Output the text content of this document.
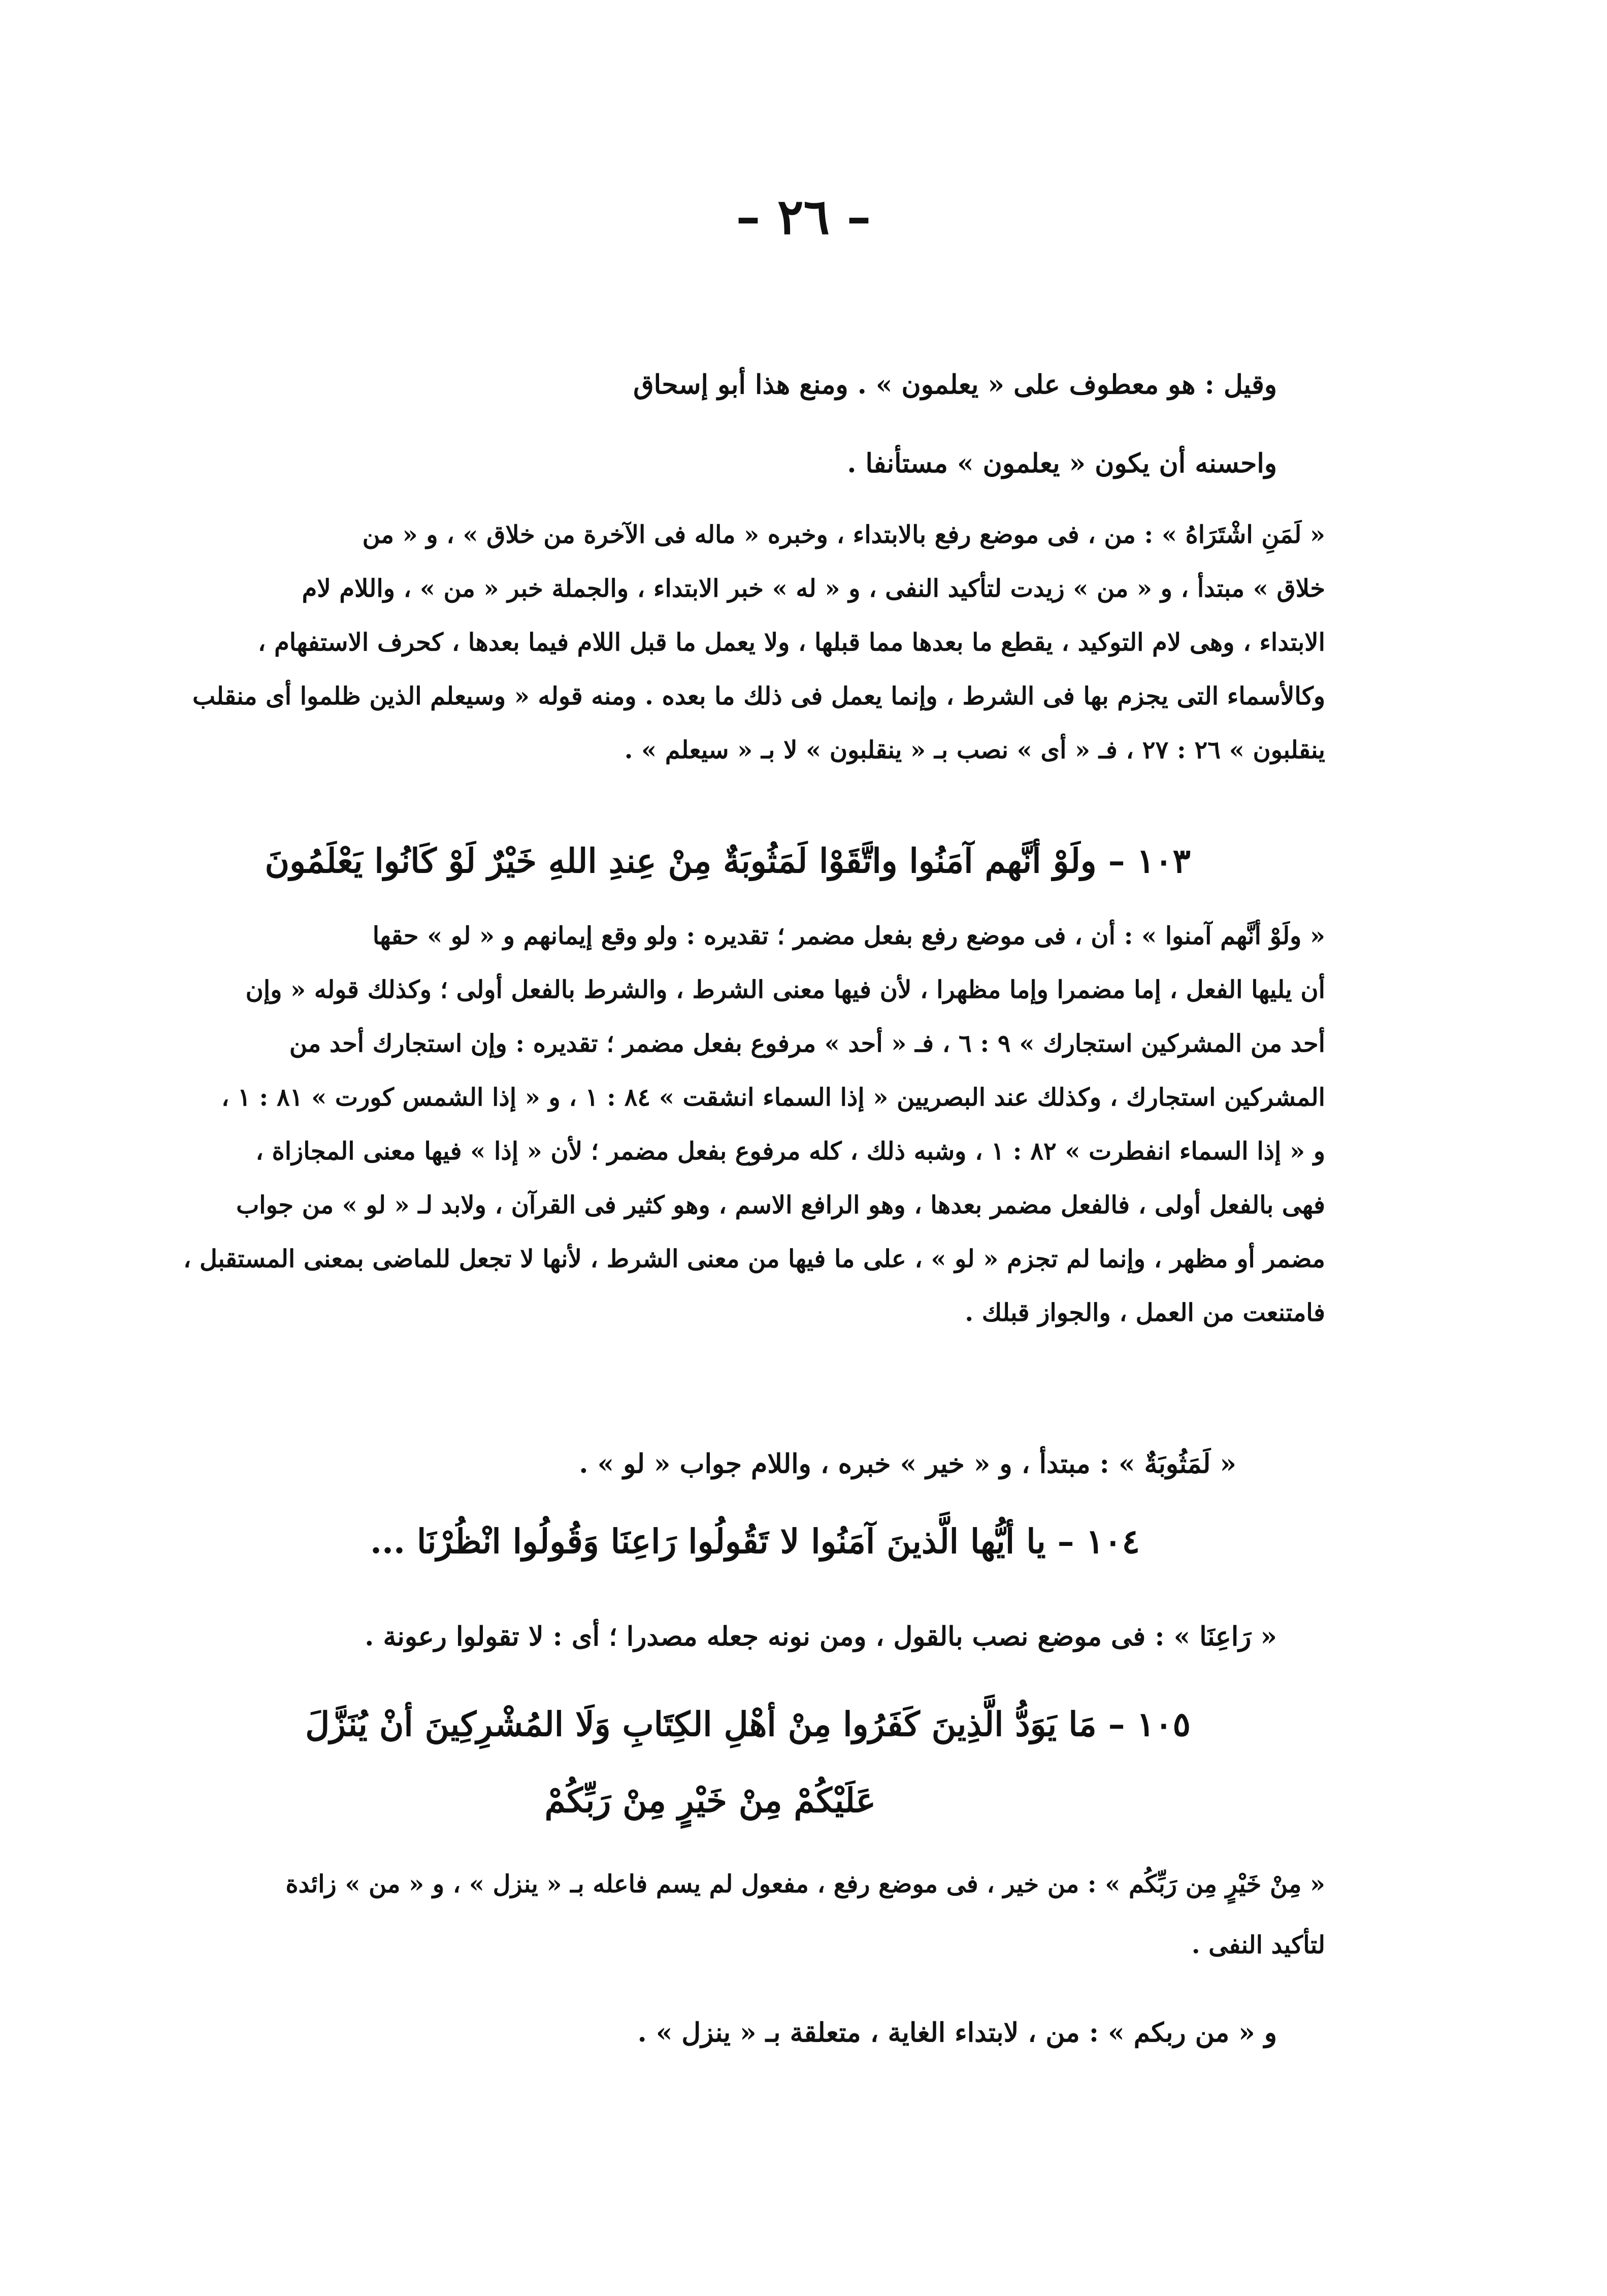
– ٢٦ –
وقيل : هو معطوف على « يعلمون » . ومنع هذا أبو إسحاق
واحسنه أن يكون « يعلمون » مستأنفا .
« لَمَنِ اشْتَرَاهُ » : من ، فى موضع رفع بالابتداء ، وخبره « ماله فى الآخرة من خلاق » ، و « من
خلاق » مبتدأ ، و « من » زيدت لتأكيد النفى ، و « له » خبر الابتداء ، والجملة خبر « من » ، واللام لام
الابتداء ، وهى لام التوكيد ، يقطع ما بعدها مما قبلها ، ولا يعمل ما قبل اللام فيما بعدها ، كحرف الاستفهام ،
وكالأسماء التى يجزم بها فى الشرط ، وإنما يعمل فى ذلك ما بعده . ومنه قوله « وسيعلم الذين ظلموا أى منقلب
ينقلبون » ٢٦ : ٢٧ ، فـ « أى » نصب بـ « ينقلبون » لا بـ « سيعلم » .
١٠٣ – ولَوْ أنَّهم آمَنُوا واتَّقَوْا لَمَثُوبَةٌ مِنْ عِندِ اللهِ خَيْرٌ لَوْ كَانُوا يَعْلَمُونَ
« ولَوْ أنَّهم آمنوا » : أن ، فى موضع رفع بفعل مضمر ؛ تقديره : ولو وقع إيمانهم و « لو » حقها
أن يليها الفعل ، إما مضمرا وإما مظهرا ، لأن فيها معنى الشرط ، والشرط بالفعل أولى ؛ وكذلك قوله « وإن
أحد من المشركين استجارك » ٩ : ٦ ، فـ « أحد » مرفوع بفعل مضمر ؛ تقديره : وإن استجارك أحد من
المشركين استجارك ، وكذلك عند البصريين « إذا السماء انشقت » ٨٤ : ١ ، و « إذا الشمس كورت » ٨١ : ١ ،
و « إذا السماء انفطرت » ٨٢ : ١ ، وشبه ذلك ، كله مرفوع بفعل مضمر ؛ لأن « إذا » فيها معنى المجازاة ،
فهى بالفعل أولى ، فالفعل مضمر بعدها ، وهو الرافع الاسم ، وهو كثير فى القرآن ، ولابد لـ « لو » من جواب
مضمر أو مظهر ، وإنما لم تجزم « لو » ، على ما فيها من معنى الشرط ، لأنها لا تجعل للماضى بمعنى المستقبل ،
فامتنعت من العمل ، والجواز قبلك .
« لَمَثُوبَةٌ » : مبتدأ ، و « خير » خبره ، واللام جواب « لو » .
١٠٤ – يا أيُّها الَّذينَ آمَنُوا لا تَقُولُوا رَاعِنَا وَقُولُوا انْظُرْنَا ...
« رَاعِنَا » : فى موضع نصب بالقول ، ومن نونه جعله مصدرا ؛ أى : لا تقولوا رعونة .
١٠٥ – مَا يَوَدُّ الَّذِينَ كَفَرُوا مِنْ أهْلِ الكِتَابِ وَلَا المُشْرِكِينَ أنْ يُنَزَّلَ
عَلَيْكُمْ مِنْ خَيْرٍ مِنْ رَبِّكُمْ
« مِنْ خَيْرٍ مِن رَبِّكُم » : من خير ، فى موضع رفع ، مفعول لم يسم فاعله بـ « ينزل » ، و « من » زائدة
لتأكيد النفى .
و « من ربكم » : من ، لابتداء الغاية ، متعلقة بـ « ينزل » .
